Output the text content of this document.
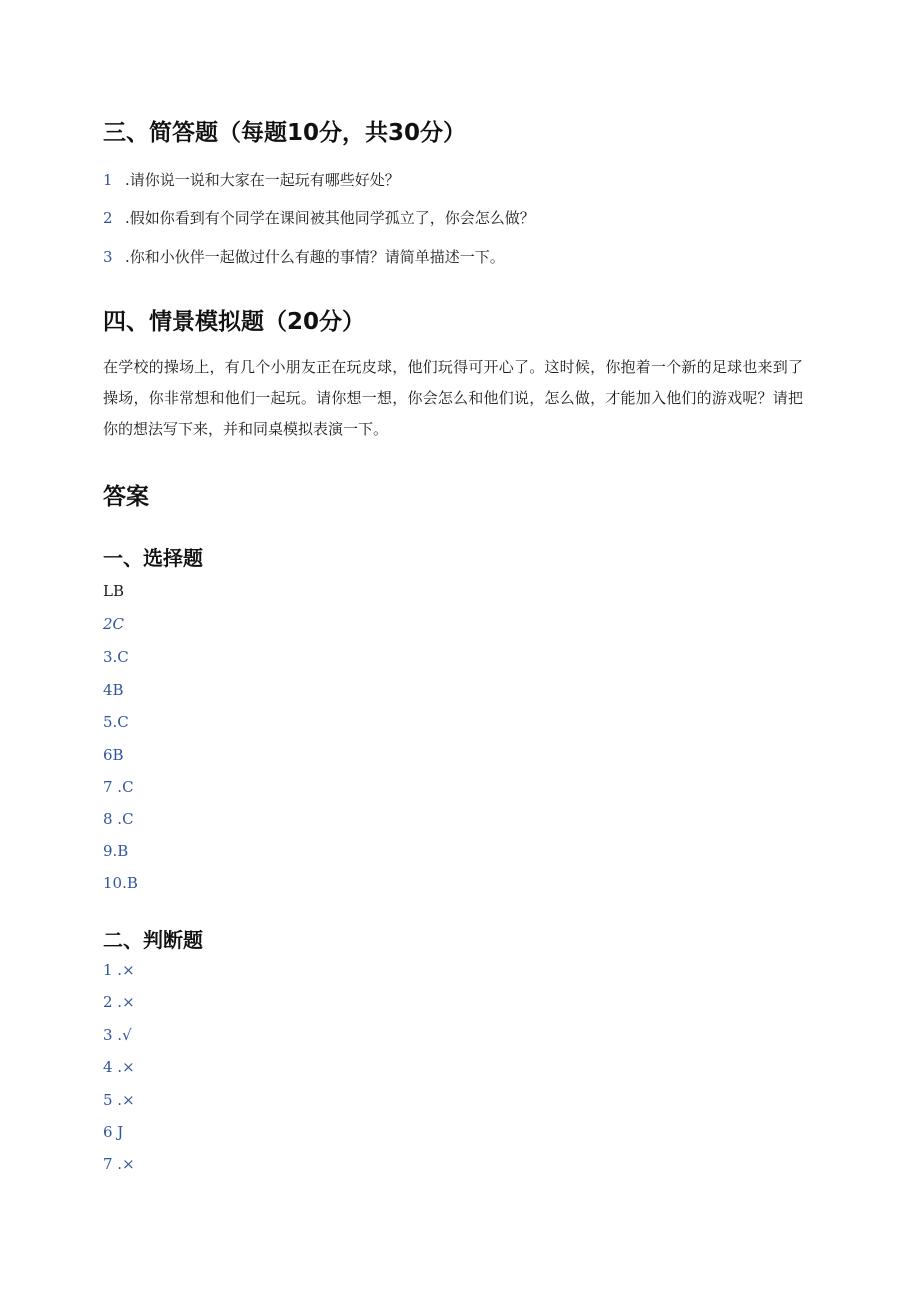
三、简答题（每题10分，共30分）

1 .请你说一说和大家在一起玩有哪些好处？

2 .假如你看到有个同学在课间被其他同学孤立了，你会怎么做？

3 .你和小伙伴一起做过什么有趣的事情？请简单描述一下。

四、情景模拟题（20分）

在学校的操场上，有几个小朋友正在玩皮球，他们玩得可开心了。这时候，你抱着一个新的足球也来到了操场，你非常想和他们一起玩。请你想一想，你会怎么和他们说，怎么做，才能加入他们的游戏呢？请把你的想法写下来，并和同桌模拟表演一下。

答案
一、选择题

LB

2C

3.C

4B

5.C

6B

7 .C

8 .C

9.B

10.B

二、判断题

1 .×

2 .×

3 .√

4 .×

5 .×

6 J

7 .×
